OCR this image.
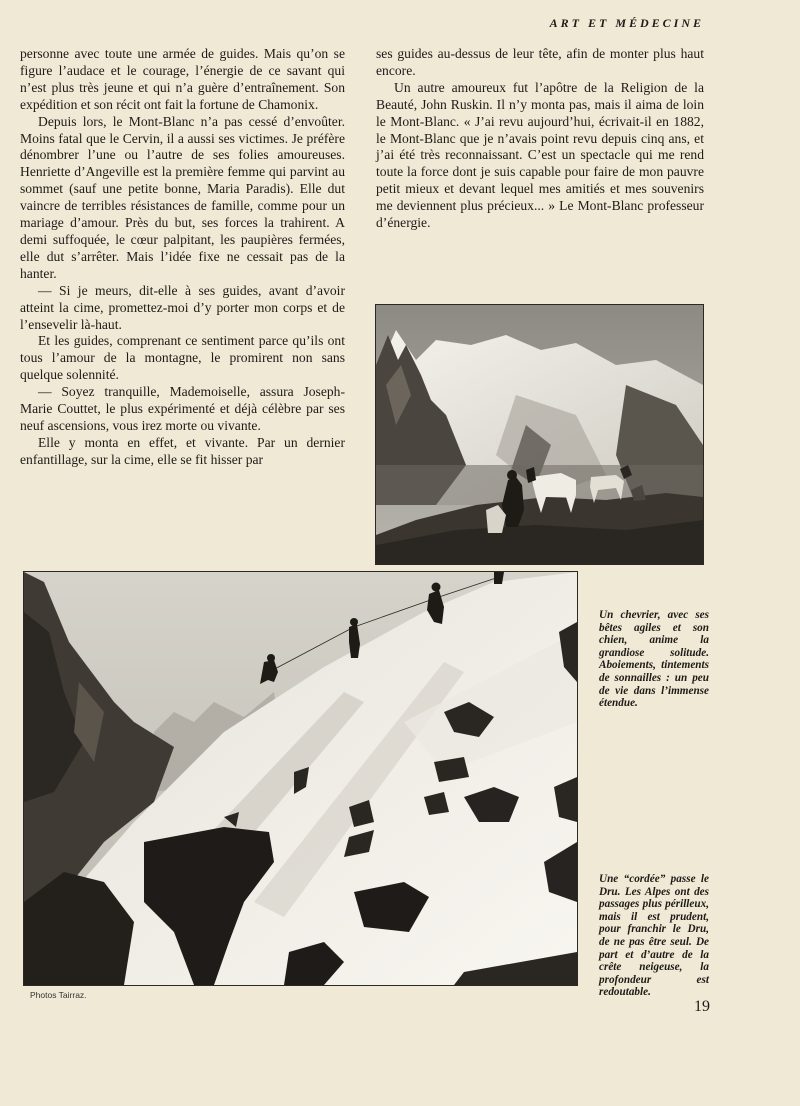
ART ET MÉDECINE

personne avec toute une armée de guides. Mais qu’on se figure l’audace et le courage, l’énergie de ce savant qui n’est plus très jeune et qui n’a guère d’entraînement. Son expédition et son récit ont fait la fortune de Chamonix.

Depuis lors, le Mont-Blanc n’a pas cessé d’envoûter. Moins fatal que le Cervin, il a aussi ses victimes. Je préfère dénombrer l’une ou l’autre de ses folies amoureuses. Henriette d’Angeville est la première femme qui parvint au sommet (sauf une petite bonne, Maria Paradis). Elle dut vaincre de terribles résistances de famille, comme pour un mariage d’amour. Près du but, ses forces la trahirent. A demi suffoquée, le cœur palpitant, les paupières fermées, elle dut s’arrêter. Mais l’idée fixe ne cessait pas de la hanter.

— Si je meurs, dit-elle à ses guides, avant d’avoir atteint la cime, promettez-moi d’y porter mon corps et de l’ensevelir là-haut.

Et les guides, comprenant ce sentiment parce qu’ils ont tous l’amour de la montagne, le promirent non sans quelque solennité.

— Soyez tranquille, Mademoiselle, assura Joseph-Marie Couttet, le plus expérimenté et déjà célèbre par ses neuf ascensions, vous irez morte ou vivante.

Elle y monta en effet, et vivante. Par un dernier enfantillage, sur la cime, elle se fit hisser par

ses guides au-dessus de leur tête, afin de monter plus haut encore.

Un autre amoureux fut l’apôtre de la Religion de la Beauté, John Ruskin. Il n’y monta pas, mais il aima de loin le Mont-Blanc. « J’ai revu aujourd’hui, écrivait-il en 1882, le Mont-Blanc que je n’avais point revu depuis cinq ans, et j’ai été très reconnaissant. C’est un spectacle qui me rend toute la force dont je suis capable pour faire de mon pauvre petit mieux et devant lequel mes amitiés et mes souvenirs me deviennent plus précieux... » Le Mont-Blanc professeur d’énergie.

Un chevrier, avec ses bêtes agiles et son chien, anime la grandiose solitude. Aboiements, tintements de sonnailles : un peu de vie dans l’immense étendue.
Une “cordée” passe le Dru. Les Alpes ont des passages plus périlleux, mais il est prudent, pour franchir le Dru, de ne pas être seul. De part et d’autre de la crête neigeuse, la profondeur est redoutable.
Photos Tairraz.
19
